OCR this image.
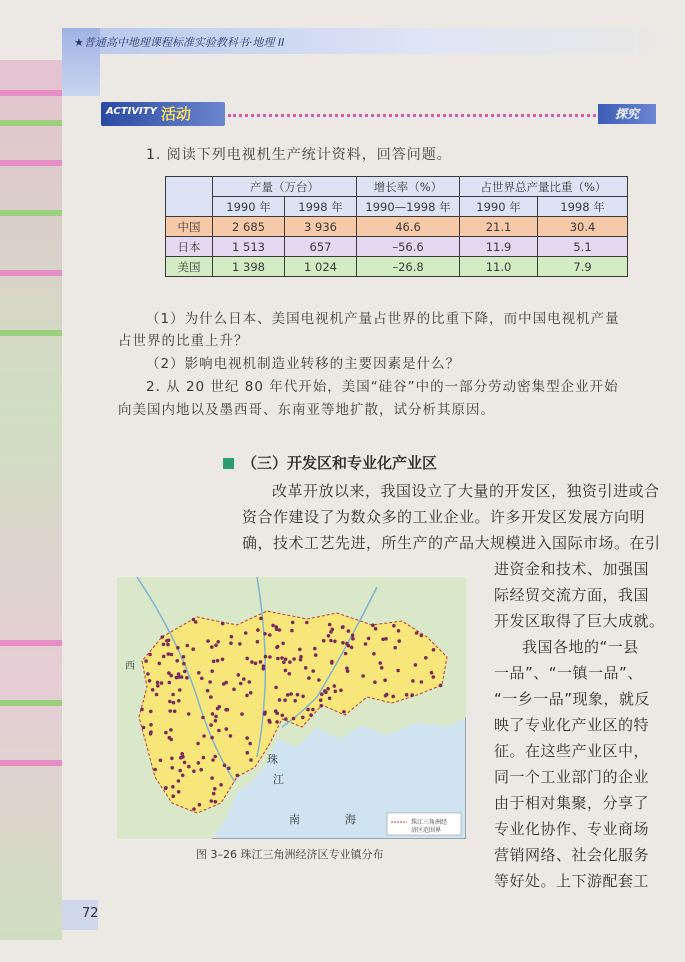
★普通高中地理课程标准实验教科书·地理 II
ACTIVITY 活动	探究
1. 阅读下列电视机生产统计资料，回答问题。
	产量（万台）		增长率（%）	占世界总产量比重（%）	
	1990 年	1998 年	1990—1998 年	1990 年	1998 年
中国	2 685	3 936	46.6	21.1	30.4
日本	1 513	657	–56.6	11.9	5.1
美国	1 398	1 024	–26.8	11.0	7.9
（1）为什么日本、美国电视机产量占世界的比重下降，而中国电视机产量
占世界的比重上升？
（2）影响电视机制造业转移的主要因素是什么？
2. 从 20 世纪 80 年代开始，美国“硅谷”中的一部分劳动密集型企业开始
向美国内地以及墨西哥、东南亚等地扩散，试分析其原因。
（三）开发区和专业化产业区
改革开放以来，我国设立了大量的开发区，独资引进或合
资合作建设了为数众多的工业企业。许多开发区发展方向明
确，技术工艺先进，所生产的产品大规模进入国际市场。在引
进资金和技术、加强国
际经贸交流方面，我国
开发区取得了巨大成就。
我国各地的“一县
一品”、“一镇一品”、
“一乡一品”现象，就反
映了专业化产业区的特
征。在这些产业区中，
同一个工业部门的企业
由于相对集聚，分享了
专业化协作、专业商场
营销网络、社会化服务
等好处。上下游配套工
西
珠
江
南	海	珠江三角洲经
济区范围界
图 3–26 珠江三角洲经济区专业镇分布
72
